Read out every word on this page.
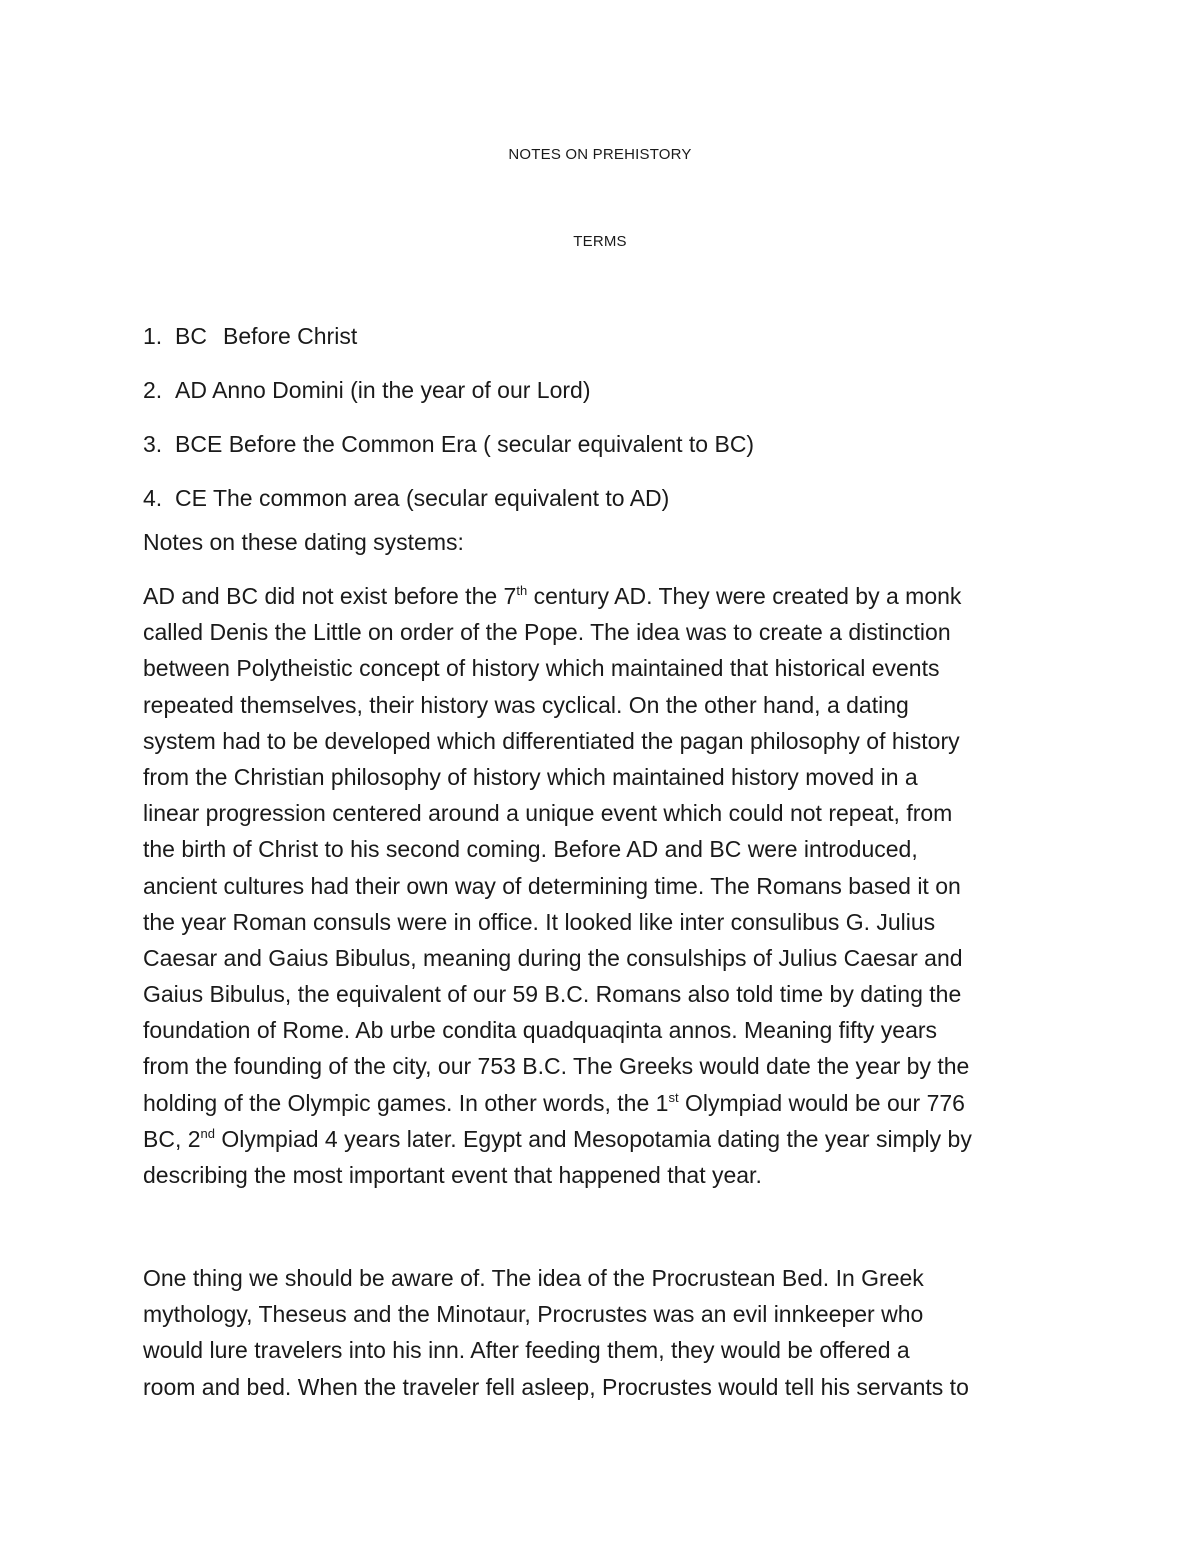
NOTES ON PREHISTORY
TERMS
1. BC Before Christ
2. AD Anno Domini (in the year of our Lord)
3. BCE Before the Common Era ( secular equivalent to BC)
4. CE The common area (secular equivalent to AD)
Notes on these dating systems:
AD and BC did not exist before the 7th century AD. They were created by a monk
called Denis the Little on order of the Pope. The idea was to create a distinction
between Polytheistic concept of history which maintained that historical events
repeated themselves, their history was cyclical. On the other hand, a dating
system had to be developed which differentiated the pagan philosophy of history
from the Christian philosophy of history which maintained history moved in a
linear progression centered around a unique event which could not repeat, from
the birth of Christ to his second coming. Before AD and BC were introduced,
ancient cultures had their own way of determining time. The Romans based it on
the year Roman consuls were in office. It looked like inter consulibus G. Julius
Caesar and Gaius Bibulus, meaning during the consulships of Julius Caesar and
Gaius Bibulus, the equivalent of our 59 B.C. Romans also told time by dating the
foundation of Rome. Ab urbe condita quadquaqinta annos. Meaning fifty years
from the founding of the city, our 753 B.C. The Greeks would date the year by the
holding of the Olympic games. In other words, the 1st Olympiad would be our 776
BC, 2nd Olympiad 4 years later. Egypt and Mesopotamia dating the year simply by
describing the most important event that happened that year.
One thing we should be aware of. The idea of the Procrustean Bed. In Greek
mythology, Theseus and the Minotaur, Procrustes was an evil innkeeper who
would lure travelers into his inn. After feeding them, they would be offered a
room and bed. When the traveler fell asleep, Procrustes would tell his servants to
